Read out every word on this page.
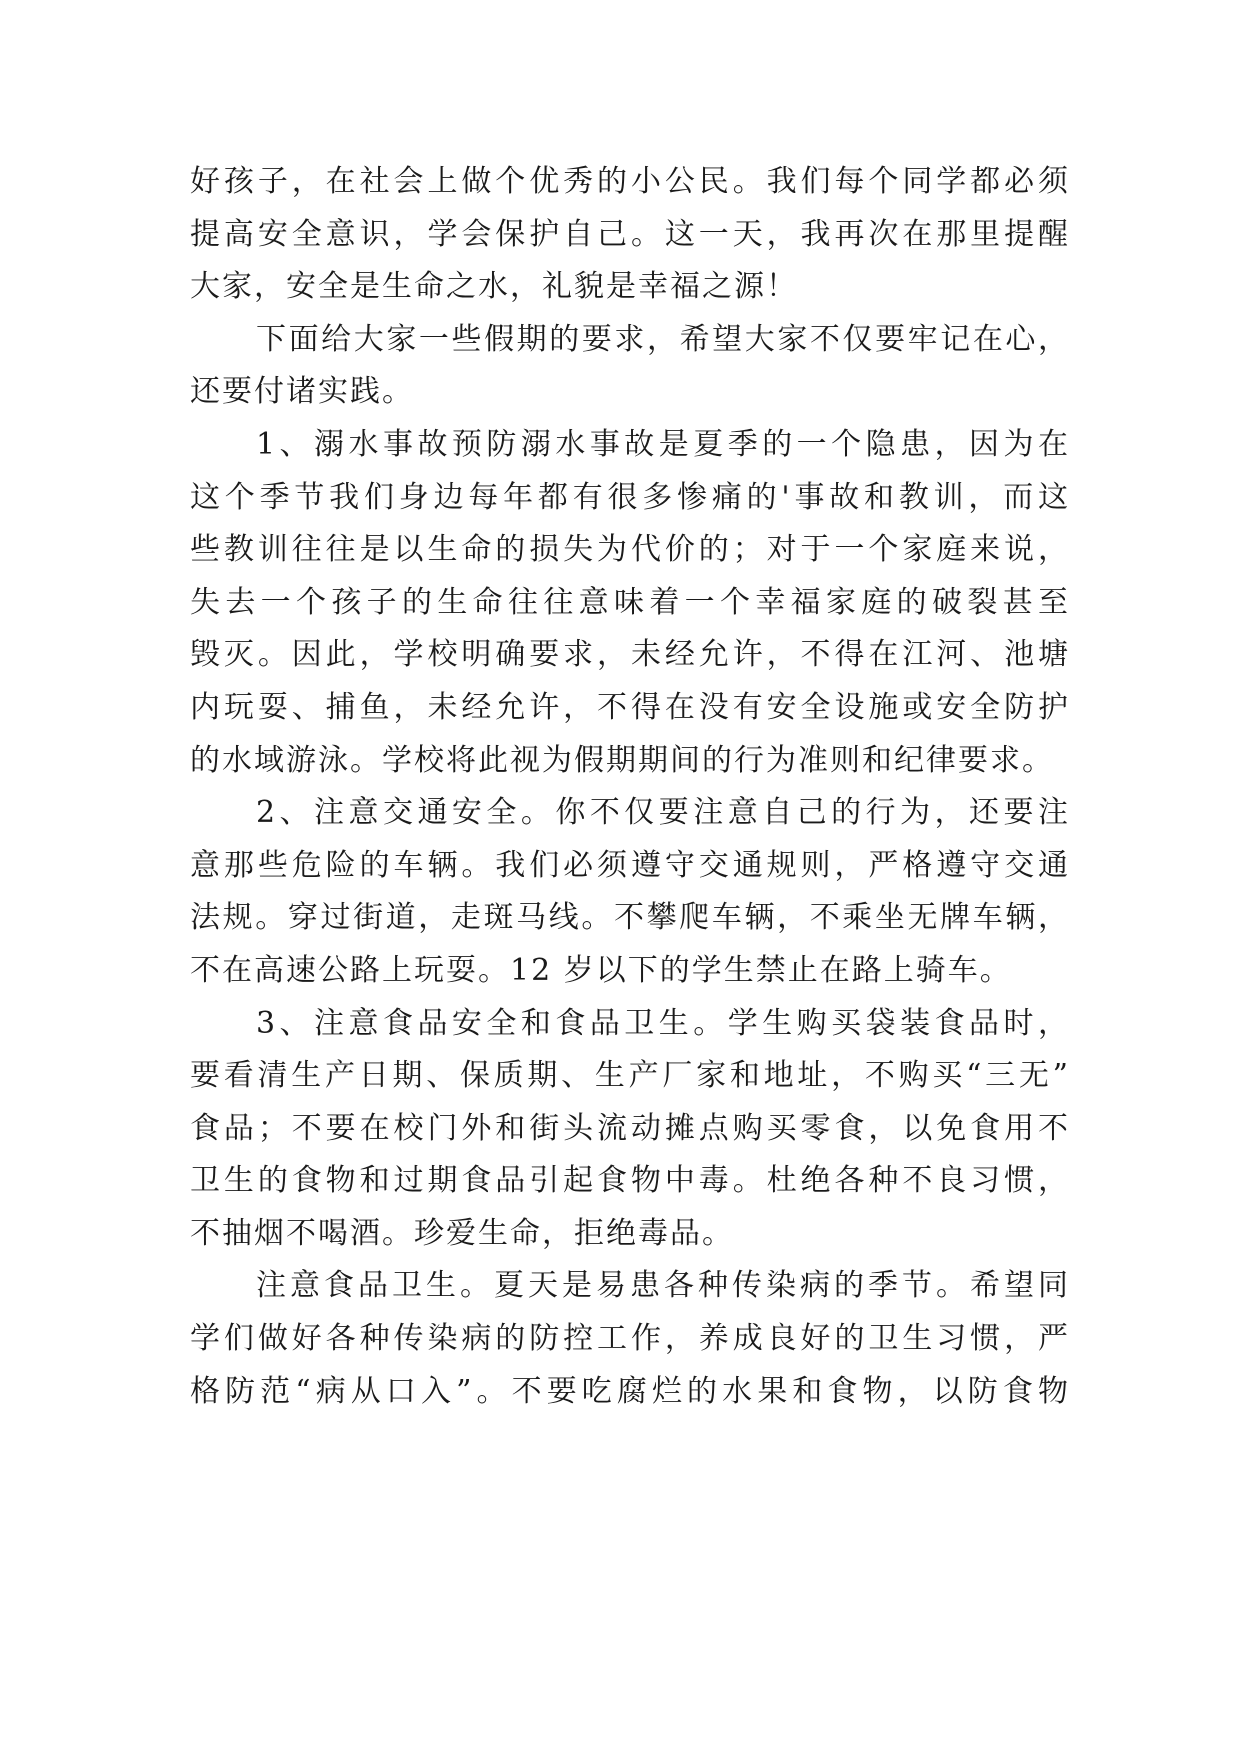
好孩子，在社会上做个优秀的小公民。我们每个同学都必须
提高安全意识，学会保护自己。这一天，我再次在那里提醒
大家，安全是生命之水，礼貌是幸福之源！
下面给大家一些假期的要求，希望大家不仅要牢记在心，
还要付诸实践。
1、溺水事故预防溺水事故是夏季的一个隐患，因为在
这个季节我们身边每年都有很多惨痛的'事故和教训，而这
些教训往往是以生命的损失为代价的；对于一个家庭来说，
失去一个孩子的生命往往意味着一个幸福家庭的破裂甚至
毁灭。因此，学校明确要求，未经允许，不得在江河、池塘
内玩耍、捕鱼，未经允许，不得在没有安全设施或安全防护
的水域游泳。学校将此视为假期期间的行为准则和纪律要求。
2、注意交通安全。你不仅要注意自己的行为，还要注
意那些危险的车辆。我们必须遵守交通规则，严格遵守交通
法规。穿过街道，走斑马线。不攀爬车辆，不乘坐无牌车辆，
不在高速公路上玩耍。12 岁以下的学生禁止在路上骑车。
3、注意食品安全和食品卫生。学生购买袋装食品时，
要看清生产日期、保质期、生产厂家和地址，不购买“三无”
食品；不要在校门外和街头流动摊点购买零食，以免食用不
卫生的食物和过期食品引起食物中毒。杜绝各种不良习惯，
不抽烟不喝酒。珍爱生命，拒绝毒品。
注意食品卫生。夏天是易患各种传染病的季节。希望同
学们做好各种传染病的防控工作，养成良好的卫生习惯，严
格防范“病从口入”。不要吃腐烂的水果和食物，以防食物
